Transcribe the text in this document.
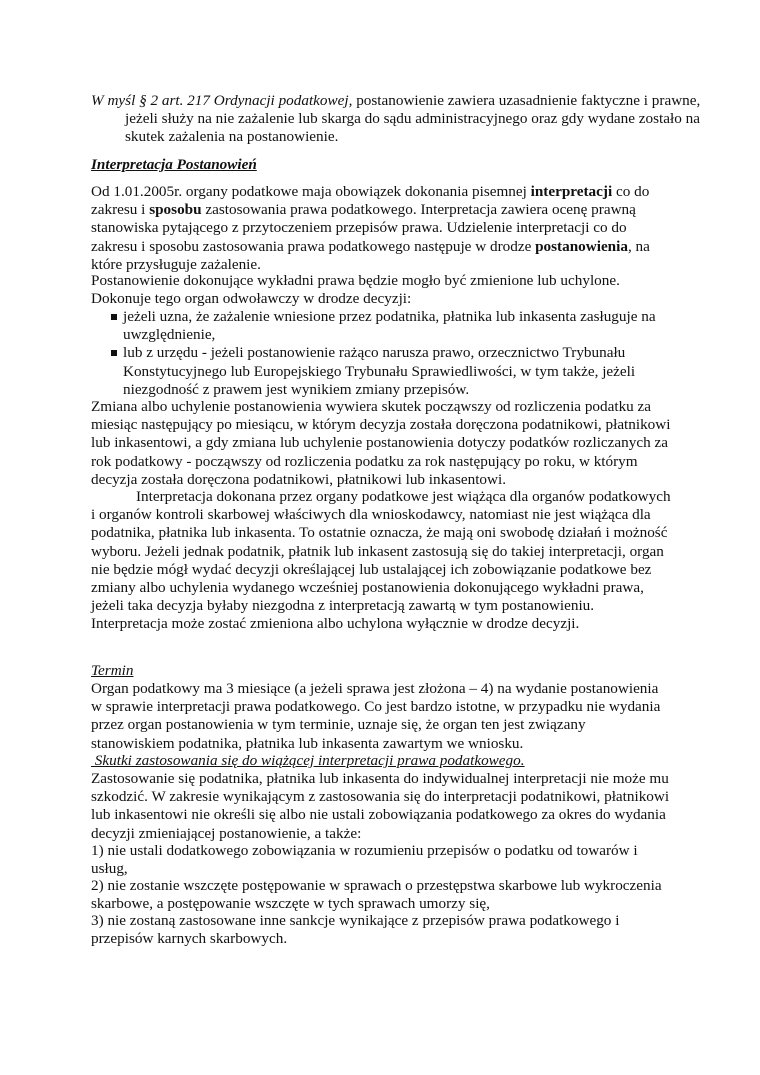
W myśl § 2 art. 217 Ordynacji podatkowej, postanowienie zawiera uzasadnienie faktyczne i prawne, jeżeli służy na nie zażalenie lub skarga do sądu administracyjnego oraz gdy wydane zostało na skutek zażalenia na postanowienie.

Interpretacja Postanowień

Od 1.01.2005r. organy podatkowe maja obowiązek dokonania pisemnej interpretacji co do zakresu i sposobu zastosowania prawa podatkowego. Interpretacja zawiera ocenę prawną stanowiska pytającego z przytoczeniem przepisów prawa. Udzielenie interpretacji co do zakresu i sposobu zastosowania prawa podatkowego następuje w drodze postanowienia, na które przysługuje zażalenie.

Postanowienie dokonujące wykładni prawa będzie mogło być zmienione lub uchylone. Dokonuje tego organ odwoławczy w drodze decyzji:

jeżeli uzna, że zażalenie wniesione przez podatnika, płatnika lub inkasenta zasługuje na uwzględnienie,
lub z urzędu - jeżeli postanowienie rażąco narusza prawo, orzecznictwo Trybunału Konstytucyjnego lub Europejskiego Trybunału Sprawiedliwości, w tym także, jeżeli niezgodność z prawem jest wynikiem zmiany przepisów.

Zmiana albo uchylenie postanowienia wywiera skutek począwszy od rozliczenia podatku za miesiąc następujący po miesiącu, w którym decyzja została doręczona podatnikowi, płatnikowi lub inkasentowi, a gdy zmiana lub uchylenie postanowienia dotyczy podatków rozliczanych za rok podatkowy - począwszy od rozliczenia podatku za rok następujący po roku, w którym decyzja została doręczona podatnikowi, płatnikowi lub inkasentowi.

Interpretacja dokonana przez organy podatkowe jest wiążąca dla organów podatkowych i organów kontroli skarbowej właściwych dla wnioskodawcy, natomiast nie jest wiążąca dla podatnika, płatnika lub inkasenta. To ostatnie oznacza, że mają oni swobodę działań i możność wyboru. Jeżeli jednak podatnik, płatnik lub inkasent zastosują się do takiej interpretacji, organ nie będzie mógł wydać decyzji określającej lub ustalającej ich zobowiązanie podatkowe bez zmiany albo uchylenia wydanego wcześniej postanowienia dokonującego wykładni prawa, jeżeli taka decyzja byłaby niezgodna z interpretacją zawartą w tym postanowieniu. Interpretacja może zostać zmieniona albo uchylona wyłącznie w drodze decyzji.

Termin

Organ podatkowy ma 3 miesiące (a jeżeli sprawa jest złożona – 4) na wydanie postanowienia w sprawie interpretacji prawa podatkowego. Co jest bardzo istotne, w przypadku nie wydania przez organ postanowienia w tym terminie, uznaje się, że organ ten jest związany stanowiskiem podatnika, płatnika lub inkasenta zawartym we wniosku.

Skutki zastosowania się do wiążącej interpretacji prawa podatkowego.

Zastosowanie się podatnika, płatnika lub inkasenta do indywidualnej interpretacji nie może mu szkodzić. W zakresie wynikającym z zastosowania się do interpretacji podatnikowi, płatnikowi lub inkasentowi nie określi się albo nie ustali zobowiązania podatkowego za okres do wydania decyzji zmieniającej postanowienie, a także:

1) nie ustali dodatkowego zobowiązania w rozumieniu przepisów o podatku od towarów i usług,

2) nie zostanie wszczęte postępowanie w sprawach o przestępstwa skarbowe lub wykroczenia skarbowe, a postępowanie wszczęte w tych sprawach umorzy się,

3) nie zostaną zastosowane inne sankcje wynikające z przepisów prawa podatkowego i przepisów karnych skarbowych.
